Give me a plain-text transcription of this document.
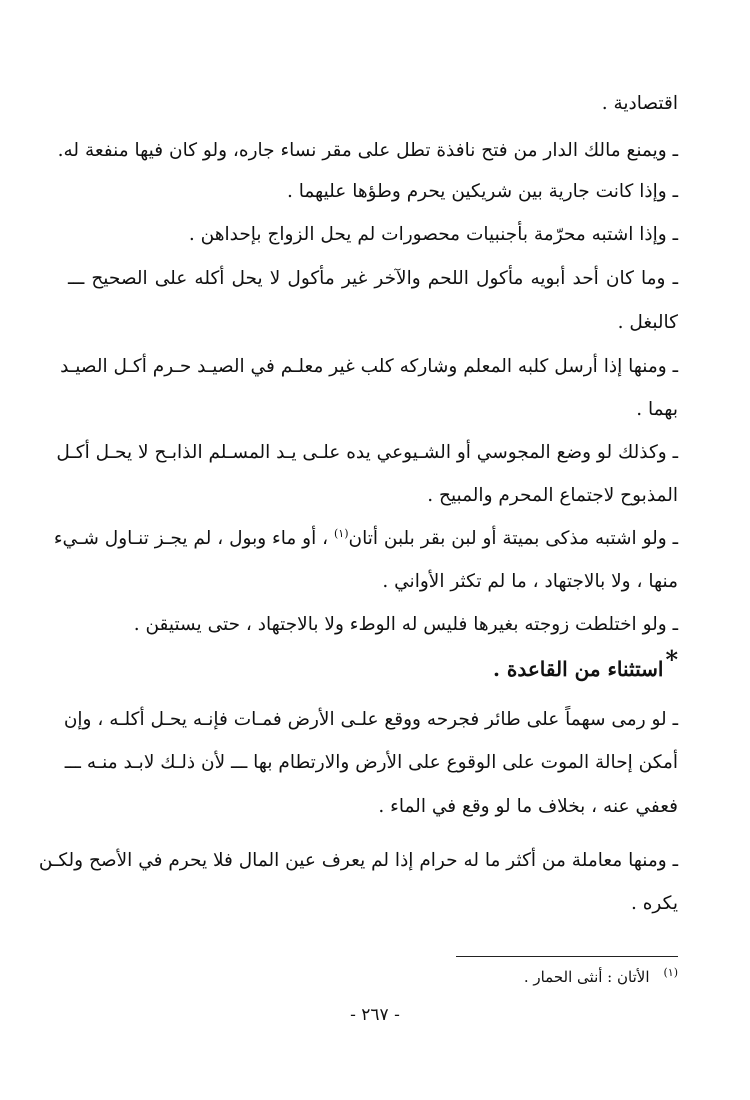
اقتصادية .
ـ ويمنع مالك الدار من فتح نافذة تطل على مقر نساء جاره، ولو كان فيها منفعة له.
ـ وإذا كانت جارية بين شريكين يحرم وطؤها عليهما .
ـ وإذا اشتبه محرّمة بأجنبيات محصورات لم يحل الزواج بإحداهن .
ـ وما كان أحد أبويه مأكول اللحم والآخر غير مأكول لا يحل أكله على الصحيح ـــ
كالبغل .
ـ ومنها إذا أرسل كلبه المعلم وشاركه كلب غير معلـم في الصيـد حـرم أكـل الصيـد
بهما .
ـ وكذلك لو وضع المجوسي أو الشـيوعي يده علـى يـد المسـلم الذابـح لا يحـل أكـل
المذبوح لاجتماع المحرم والمبيح .
ـ ولو اشتبه مذكى بميتة أو لبن بقر بلبن أتان$^{(١)}$ ، أو ماء وبول ، لم يجـز تنـاول شـيء
منها ، ولا بالاجتهاد ، ما لم تكثر الأواني .
ـ ولو اختلطت زوجته بغيرها فليس له الوطء ولا بالاجتهاد ، حتى يستيقن .
*استثناء من القاعدة .
ـ لو رمى سهماً على طائر فجرحه ووقع علـى الأرض فمـات فإنـه يحـل أكلـه ، وإن
أمكن إحالة الموت على الوقوع على الأرض والارتطام بها ـــ لأن ذلـك لابـد منـه ـــ
فعفي عنه ، بخلاف ما لو وقع في الماء .
ـ ومنها معاملة من أكثر ما له حرام إذا لم يعرف عين المال فلا يحرم في الأصح ولكـن
يكره .
$^{(١)}$الأتان : أنثى الحمار .
- ٢٦٧ -
